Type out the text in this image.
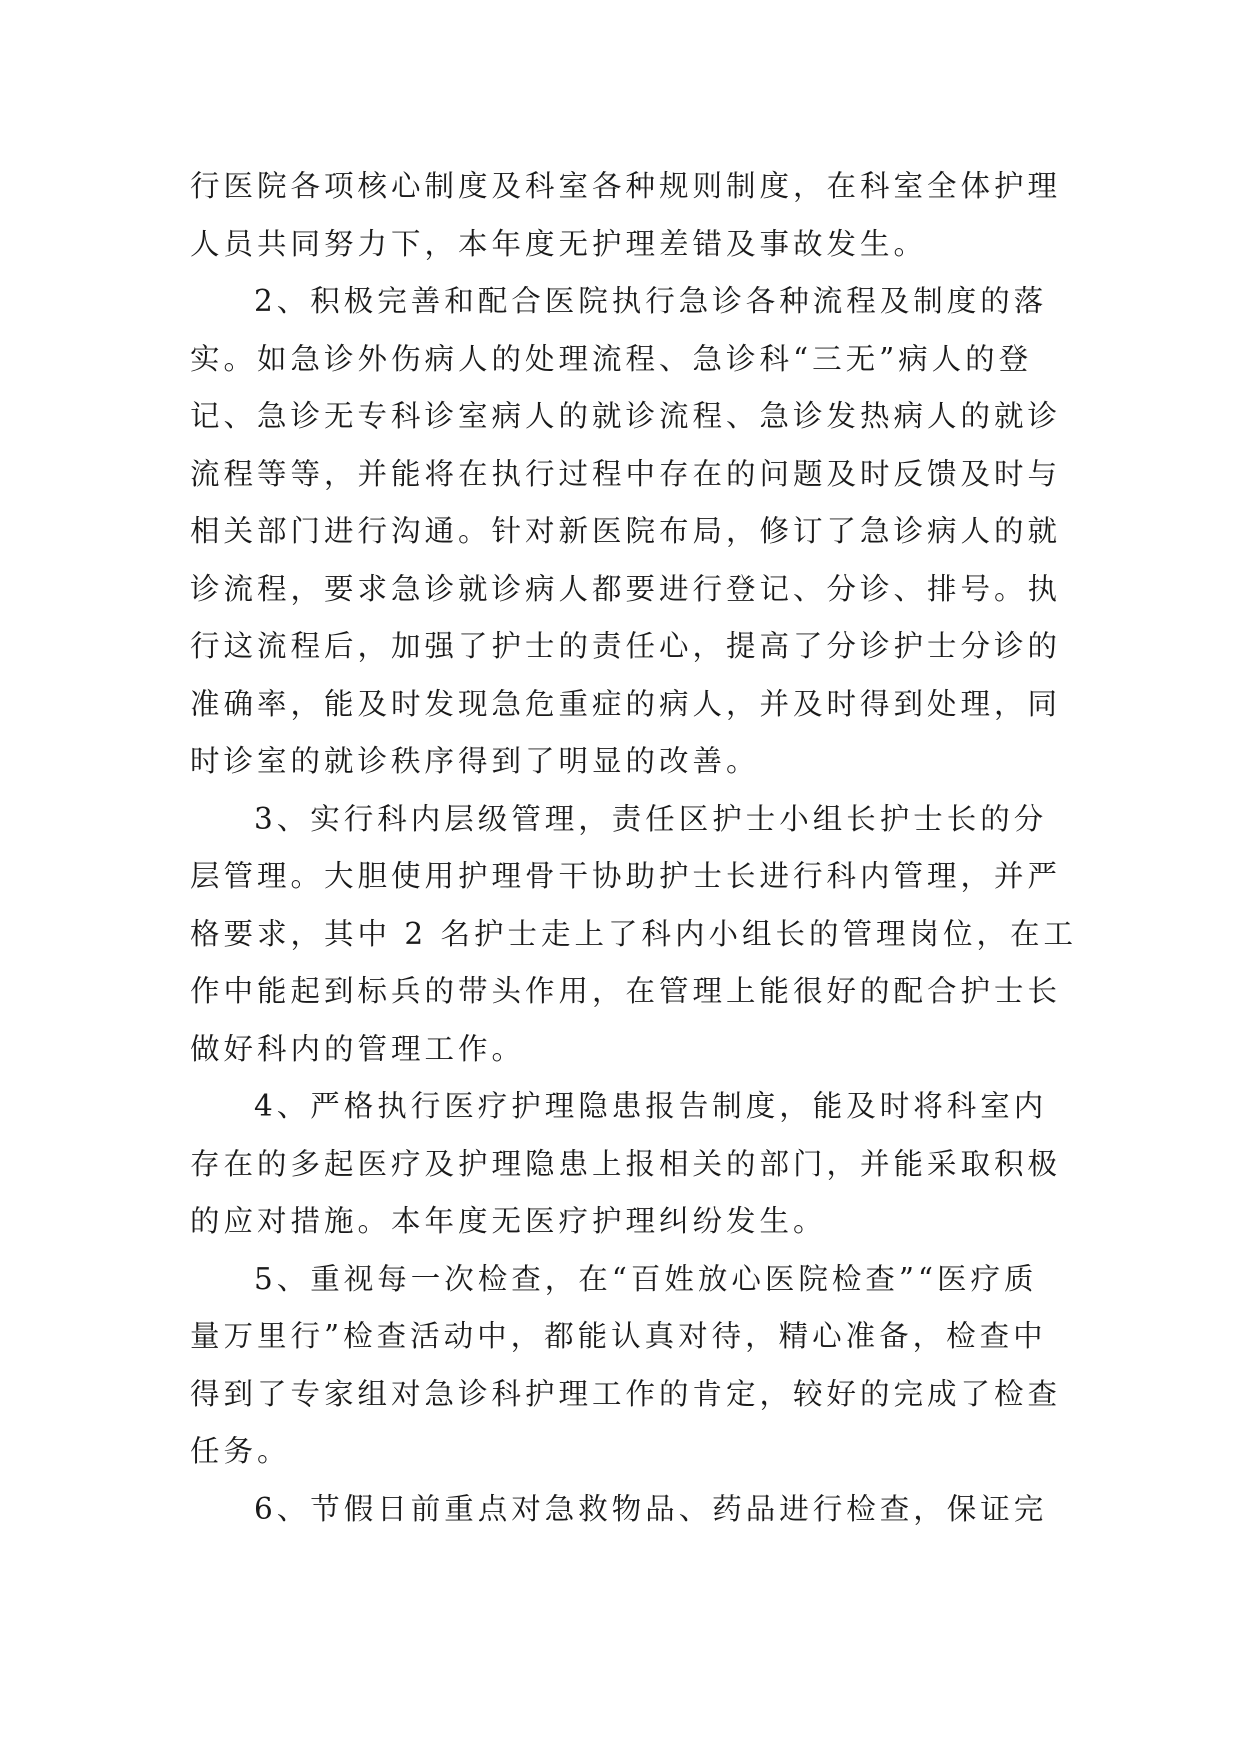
行医院各项核心制度及科室各种规则制度，在科室全体护理
人员共同努力下，本年度无护理差错及事故发生。
2、积极完善和配合医院执行急诊各种流程及制度的落
实。如急诊外伤病人的处理流程、急诊科“三无”病人的登
记、急诊无专科诊室病人的就诊流程、急诊发热病人的就诊
流程等等，并能将在执行过程中存在的问题及时反馈及时与
相关部门进行沟通。针对新医院布局，修订了急诊病人的就
诊流程，要求急诊就诊病人都要进行登记、分诊、排号。执
行这流程后，加强了护士的责任心，提高了分诊护士分诊的
准确率，能及时发现急危重症的病人，并及时得到处理，同
时诊室的就诊秩序得到了明显的改善。
3、实行科内层级管理，责任区护士小组长护士长的分
层管理。大胆使用护理骨干协助护士长进行科内管理，并严
格要求，其中 2 名护士走上了科内小组长的管理岗位，在工
作中能起到标兵的带头作用，在管理上能很好的配合护士长
做好科内的管理工作。
4、严格执行医疗护理隐患报告制度，能及时将科室内
存在的多起医疗及护理隐患上报相关的部门，并能采取积极
的应对措施。本年度无医疗护理纠纷发生。
5、重视每一次检查，在“百姓放心医院检查”“医疗质
量万里行”检查活动中，都能认真对待，精心准备，检查中
得到了专家组对急诊科护理工作的肯定，较好的完成了检查
任务。
6、节假日前重点对急救物品、药品进行检查，保证完
